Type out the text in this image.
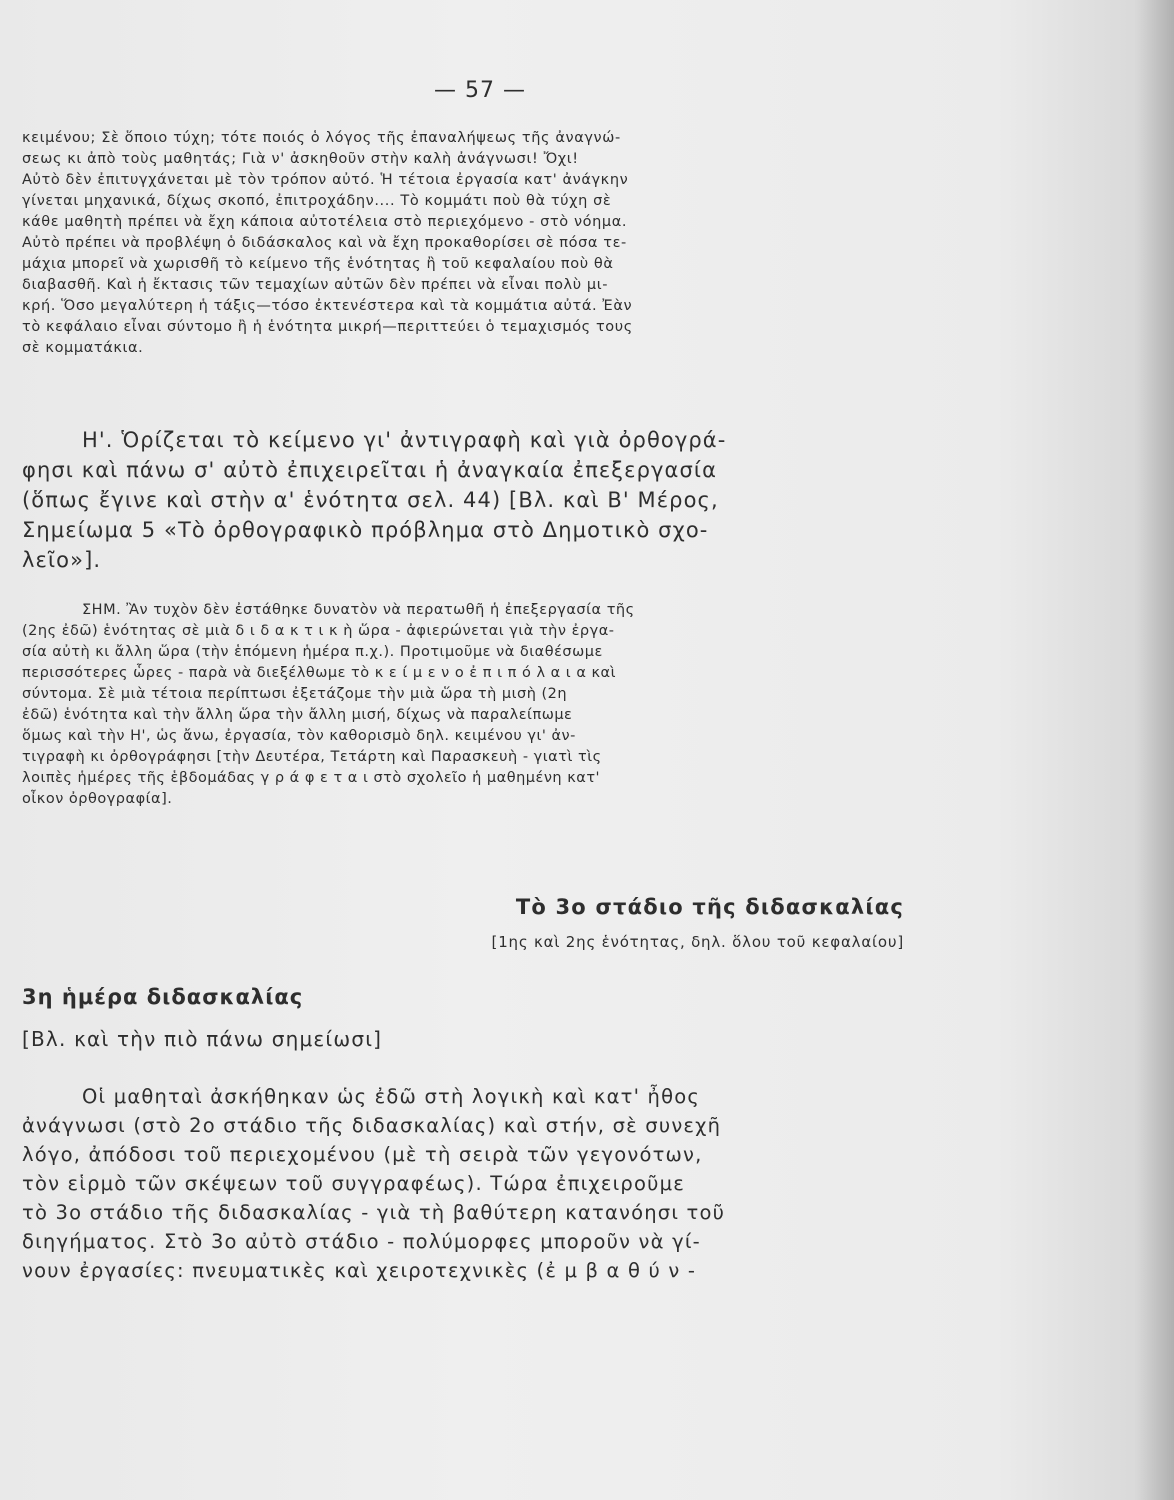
— 57 —
κειμένου; Σὲ ὅποιο τύχη; τότε ποιός ὁ λόγος τῆς ἐπαναλήψεως τῆς ἀναγνώ-
σεως κι ἀπὸ τοὺς μαθητάς; Γιὰ ν' ἀσκηθοῦν στὴν καλὴ ἀνάγνωσι! Ὄχι!
Αὐτὸ δὲν ἐπιτυγχάνεται μὲ τὸν τρόπον αὐτό. Ἡ τέτοια ἐργασία κατ' ἀνάγκην
γίνεται μηχανικά, δίχως σκοπό, ἐπιτροχάδην.... Τὸ κομμάτι ποὺ θὰ τύχη σὲ
κάθε μαθητὴ πρέπει νὰ ἔχη κάποια αὐτοτέλεια στὸ περιεχόμενο - στὸ νόημα.
Αὐτὸ πρέπει νὰ προβλέψη ὁ διδάσκαλος καὶ νὰ ἔχη προκαθορίσει σὲ πόσα τε-
μάχια μπορεῖ νὰ χωρισθῆ τὸ κείμενο τῆς ἑνότητας ἢ τοῦ κεφαλαίου ποὺ θὰ
διαβασθῆ. Καὶ ἡ ἔκτασις τῶν τεμαχίων αὐτῶν δὲν πρέπει νὰ εἶναι πολὺ μι-
κρή. Ὅσο μεγαλύτερη ἡ τάξις—τόσο ἐκτενέστερα καὶ τὰ κομμάτια αὐτά. Ἐὰν
τὸ κεφάλαιο εἶναι σύντομο ἢ ἡ ἑνότητα μικρή—περιττεύει ὁ τεμαχισμός τους
σὲ κομματάκια.
Η'. Ὁρίζεται τὸ κείμενο γι' ἀντιγραφὴ καὶ γιὰ ὀρθογρά-
φησι καὶ πάνω σ' αὐτὸ ἐπιχειρεῖται ἡ ἀναγκαία ἐπεξεργασία
(ὅπως ἔγινε καὶ στὴν α' ἑνότητα σελ. 44) [Βλ. καὶ Β' Μέρος,
Σημείωμα 5 «Τὸ ὀρθογραφικὸ πρόβλημα στὸ Δημοτικὸ σχο-
λεῖο»].
ΣΗΜ. Ἂν τυχὸν δὲν ἐστάθηκε δυνατὸν νὰ περατωθῆ ἡ ἐπεξεργασία τῆς
(2ης ἐδῶ) ἑνότητας σὲ μιὰ δ ι δ α κ τ ι κ ὴ ὥρα - ἀφιερώνεται γιὰ τὴν ἐργα-
σία αὐτὴ κι ἄλλη ὥρα (τὴν ἑπόμενη ἡμέρα π.χ.). Προτιμοῦμε νὰ διαθέσωμε
περισσότερες ὧρες - παρὰ νὰ διεξέλθωμε τὸ κ ε ί μ ε ν ο ἐ π ι π ό λ α ι α καὶ
σύντομα. Σὲ μιὰ τέτοια περίπτωσι ἐξετάζομε τὴν μιὰ ὥρα τὴ μισὴ (2η
ἐδῶ) ἑνότητα καὶ τὴν ἄλλη ὥρα τὴν ἄλλη μισή, δίχως νὰ παραλείπωμε
ὅμως καὶ τὴν Η', ὡς ἄνω, ἐργασία, τὸν καθορισμὸ δηλ. κειμένου γι' ἀν-
τιγραφὴ κι ὀρθογράφησι [τὴν Δευτέρα, Τετάρτη καὶ Παρασκευὴ - γιατὶ τὶς
λοιπὲς ἡμέρες τῆς ἑβδομάδας γ ρ ά φ ε τ α ι στὸ σχολεῖο ἡ μαθημένη κατ'
οἶκον ὀρθογραφία].
Τὸ 3ο στάδιο τῆς διδασκαλίας
[1ης καὶ 2ης ἑνότητας, δηλ. ὅλου τοῦ κεφαλαίου]
3η ἡμέρα διδασκαλίας
[Βλ. καὶ τὴν πιὸ πάνω σημείωσι]
Οἱ μαθηταὶ ἀσκήθηκαν ὡς ἐδῶ στὴ λογικὴ καὶ κατ' ἦθος
ἀνάγνωσι (στὸ 2ο στάδιο τῆς διδασκαλίας) καὶ στήν, σὲ συνεχῆ
λόγο, ἀπόδοσι τοῦ περιεχομένου (μὲ τὴ σειρὰ τῶν γεγονότων,
τὸν εἱρμὸ τῶν σκέψεων τοῦ συγγραφέως). Τώρα ἐπιχειροῦμε
τὸ 3ο στάδιο τῆς διδασκαλίας - γιὰ τὴ βαθύτερη κατανόησι τοῦ
διηγήματος. Στὸ 3ο αὐτὸ στάδιο - πολύμορφες μποροῦν νὰ γί-
νουν ἐργασίες: πνευματικὲς καὶ χειροτεχνικὲς (ἐ μ β α θ ύ ν -
